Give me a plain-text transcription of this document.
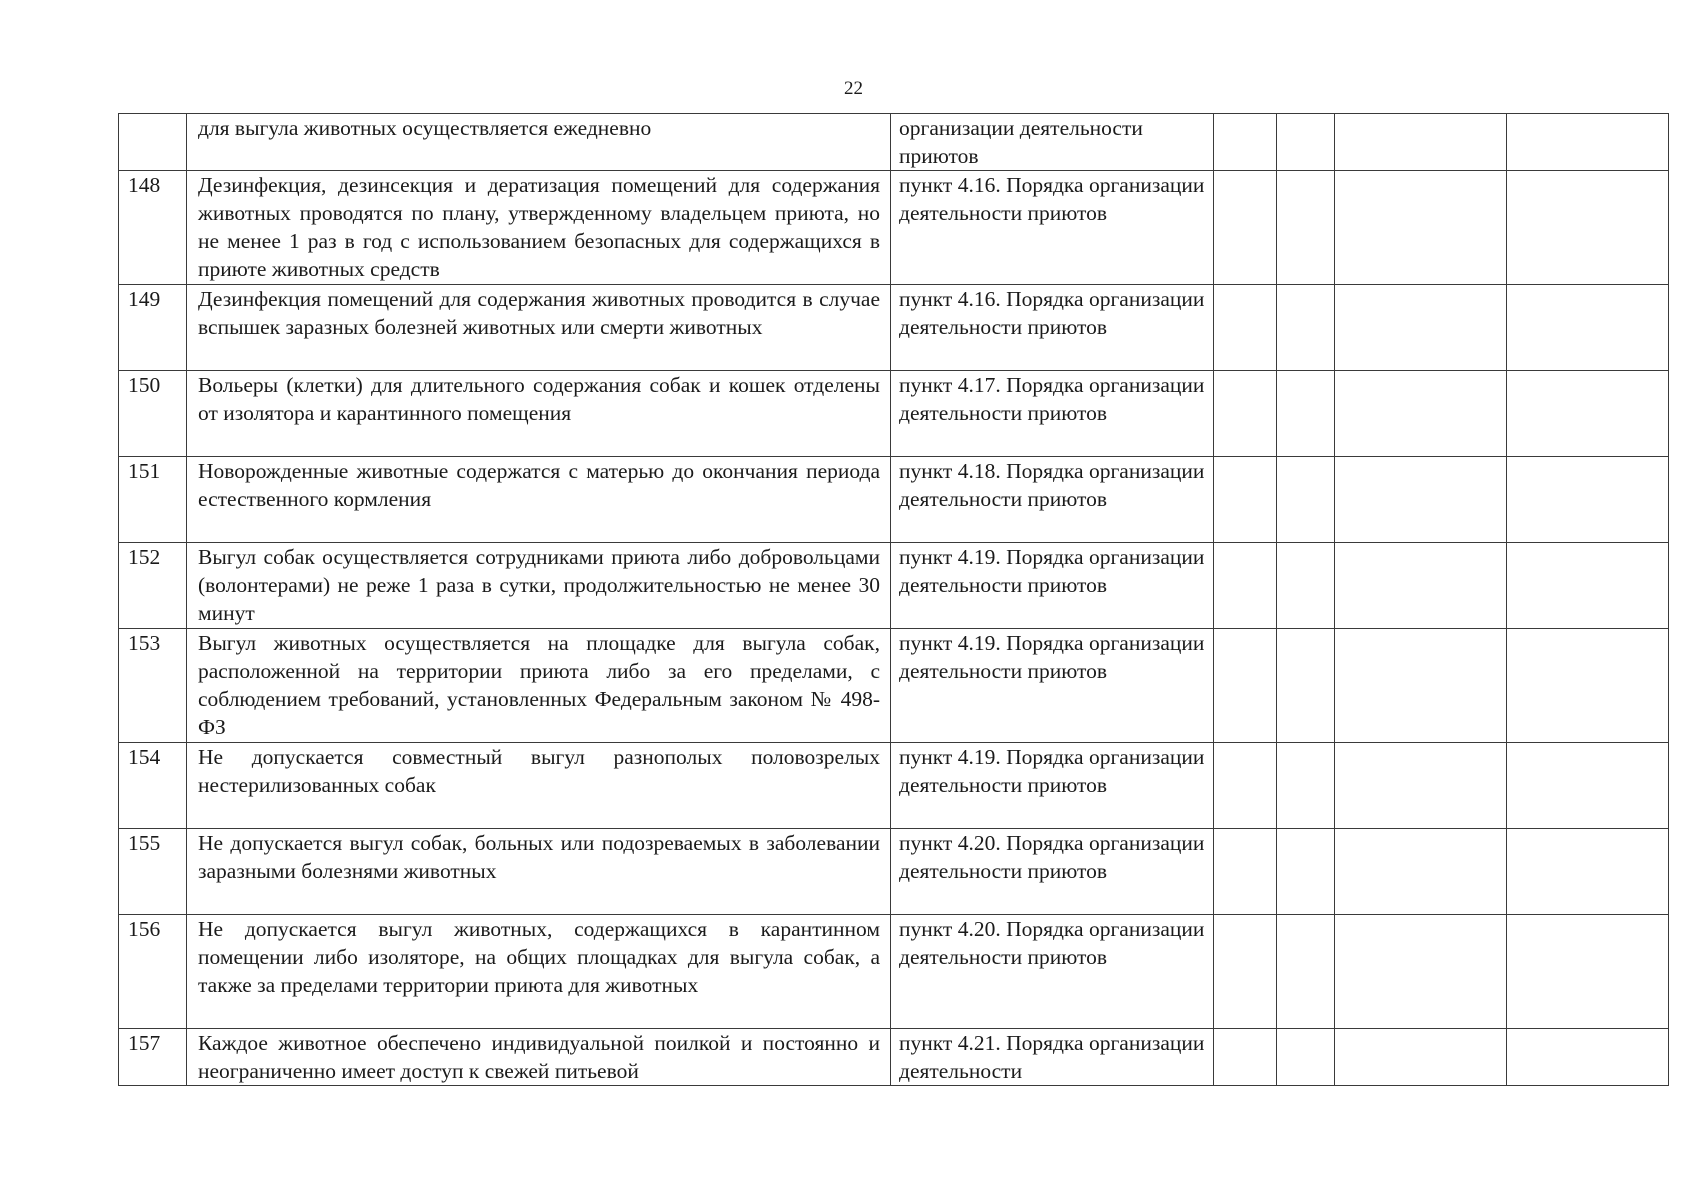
22
	для выгула животных осуществляется ежедневно	организации деятельности приютов				
148	Дезинфекция, дезинсекция и дератизация помещений для содержания животных проводятся по плану, утвержденному владельцем приюта, но не менее 1 раз в год с использованием безопасных для содержащихся в приюте животных средств	пункт 4.16. Порядка организации деятельности приютов				
149	Дезинфекция помещений для содержания животных проводится в случае вспышек заразных болезней животных или смерти животных	пункт 4.16. Порядка организации деятельности приютов				
150	Вольеры (клетки) для длительного содержания собак и кошек отделены от изолятора и карантинного помещения	пункт 4.17. Порядка организации деятельности приютов				
151	Новорожденные животные содержатся с матерью до окончания периода естественного кормления	пункт 4.18. Порядка организации деятельности приютов				
152	Выгул собак осуществляется сотрудниками приюта либо добровольцами (волонтерами) не реже 1 раза в сутки, продолжительностью не менее 30 минут	пункт 4.19. Порядка организации деятельности приютов				
153	Выгул животных осуществляется на площадке для выгула собак, расположенной на территории приюта либо за его пределами, с соблюдением требований, установленных Федеральным законом № 498-ФЗ	пункт 4.19. Порядка организации деятельности приютов				
154	Не допускается совместный выгул разнополых половозрелых нестерилизованных собак	пункт 4.19. Порядка организации деятельности приютов				
155	Не допускается выгул собак, больных или подозреваемых в заболевании заразными болезнями животных	пункт 4.20. Порядка организации деятельности приютов				
156	Не допускается выгул животных, содержащихся в карантинном помещении либо изоляторе, на общих площадках для выгула собак, а также за пределами территории приюта для животных	пункт 4.20. Порядка организации деятельности приютов				
157	Каждое животное обеспечено индивидуальной поилкой и постоянно и неограниченно имеет доступ к свежей питьевой	пункт 4.21. Порядка организации деятельности				
